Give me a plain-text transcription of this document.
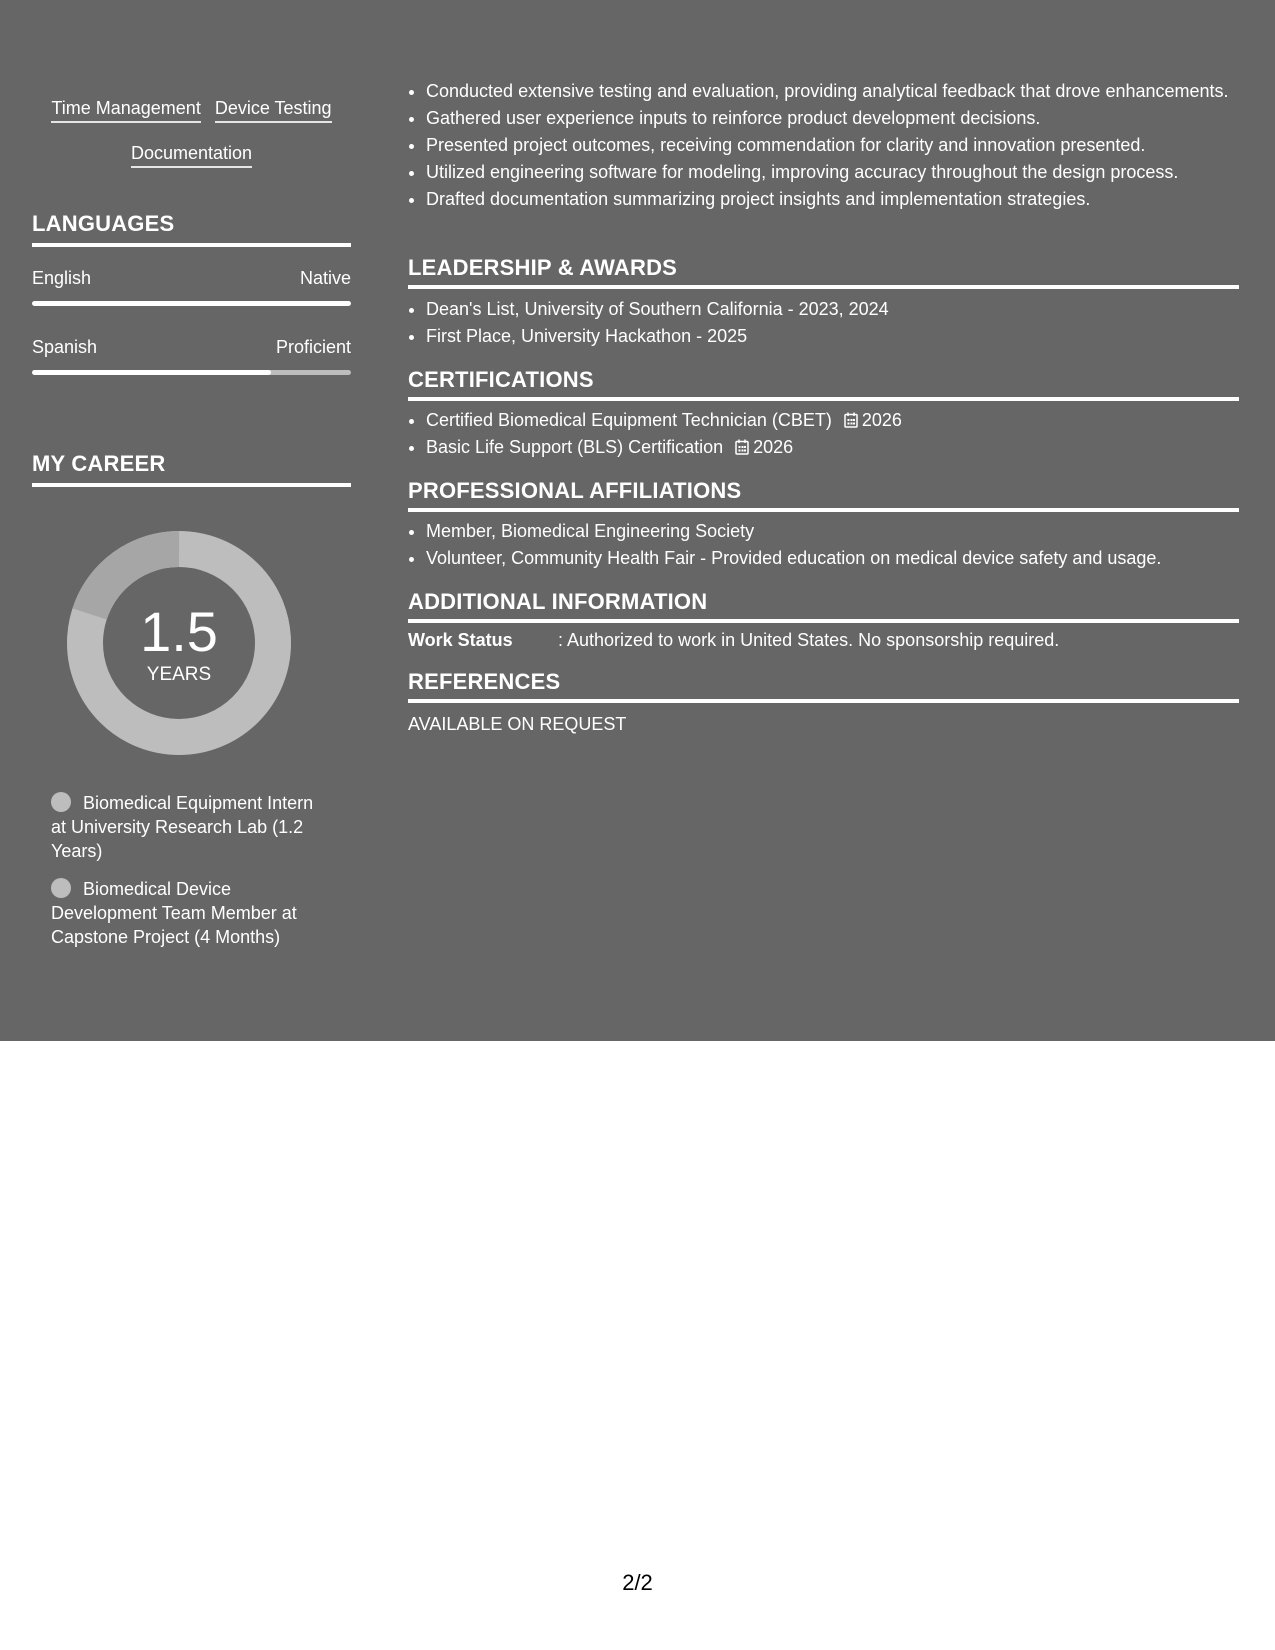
Time Management Device Testing
Documentation
LANGUAGES
English	Native
Spanish	Proficient
MY CAREER
1.5
YEARS
Biomedical Equipment Intern at University Research Lab (1.2 Years)
Biomedical Device Development Team Member at Capstone Project (4 Months)
• Conducted extensive testing and evaluation, providing analytical feedback that drove enhancements.
• Gathered user experience inputs to reinforce product development decisions.
• Presented project outcomes, receiving commendation for clarity and innovation presented.
• Utilized engineering software for modeling, improving accuracy throughout the design process.
• Drafted documentation summarizing project insights and implementation strategies.
LEADERSHIP & AWARDS
• Dean's List, University of Southern California - 2023, 2024
• First Place, University Hackathon - 2025
CERTIFICATIONS
• Certified Biomedical Equipment Technician (CBET) 2026
• Basic Life Support (BLS) Certification 2026
PROFESSIONAL AFFILIATIONS
• Member, Biomedical Engineering Society
• Volunteer, Community Health Fair - Provided education on medical device safety and usage.
ADDITIONAL INFORMATION
Work Status	: Authorized to work in United States. No sponsorship required.
REFERENCES
AVAILABLE ON REQUEST
2/2
